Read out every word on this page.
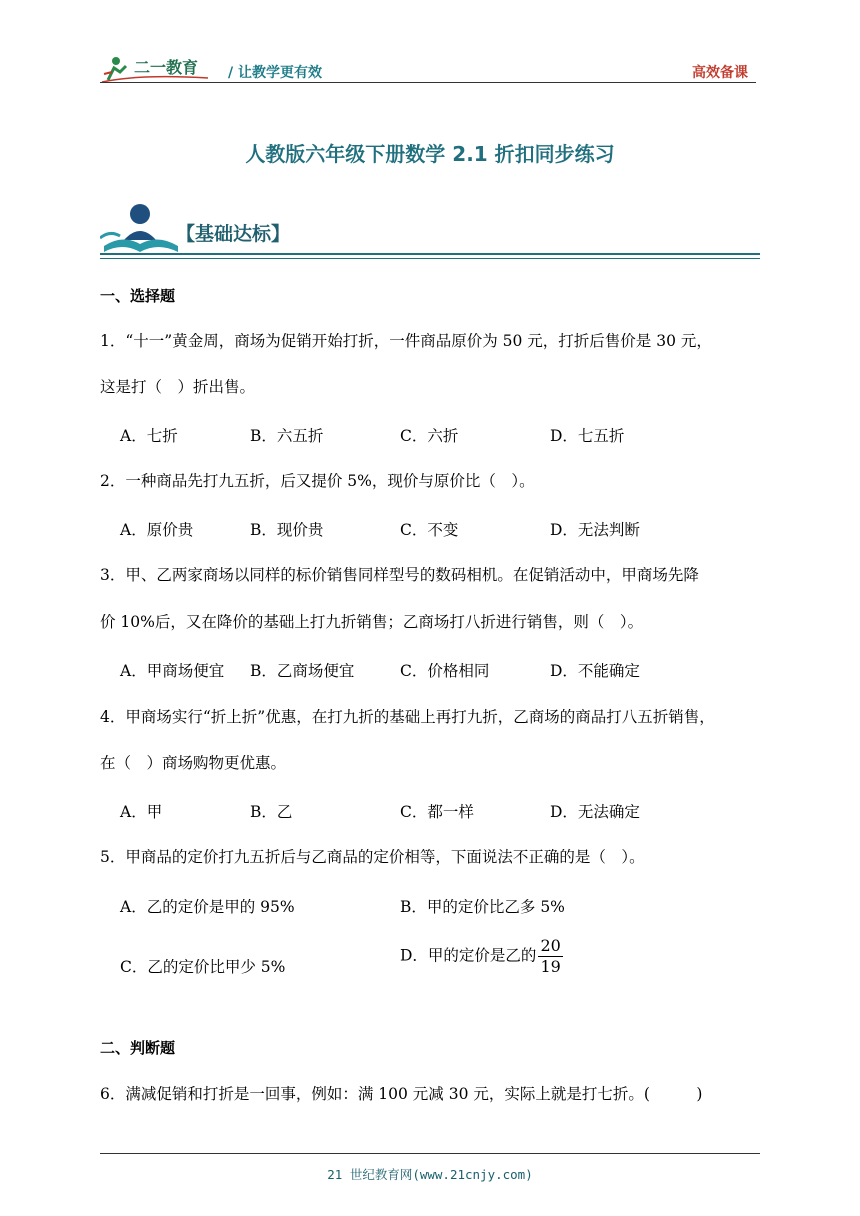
二一教育 / 让教学更有效	高效备课
人教版六年级下册数学 2.1 折扣同步练习
【基础达标】
一、选择题
1．“十一”黄金周，商场为促销开始打折，一件商品原价为 50 元，打折后售价是 30 元，
这是打（　）折出售。
A．七折	B．六五折	C．六折	D．七五折
2．一种商品先打九五折，后又提价 5%，现价与原价比（　）。
A．原价贵	B．现价贵	C．不变	D．无法判断
3．甲、乙两家商场以同样的标价销售同样型号的数码相机。在促销活动中，甲商场先降
价 10%后，又在降价的基础上打九折销售；乙商场打八折进行销售，则（　）。
A．甲商场便宜 B．乙商场便宜	C．价格相同	D．不能确定
4．甲商场实行“折上折”优惠，在打九折的基础上再打九折，乙商场的商品打八五折销售，
在（　）商场购物更优惠。
A．甲	B．乙	C．都一样	D．无法确定
5．甲商品的定价打九五折后与乙商品的定价相等，下面说法不正确的是（　）。
A．乙的定价是甲的 95%	B．甲的定价比乙多 5%
C．乙的定价比甲少 5%
D．甲的定价是乙的 $\frac{20}{19}$
二、判断题
6．满减促销和打折是一回事，例如：满 100 元减 30 元，实际上就是打七折。(　　　)
21 世纪教育网(www.21cnjy.com)
